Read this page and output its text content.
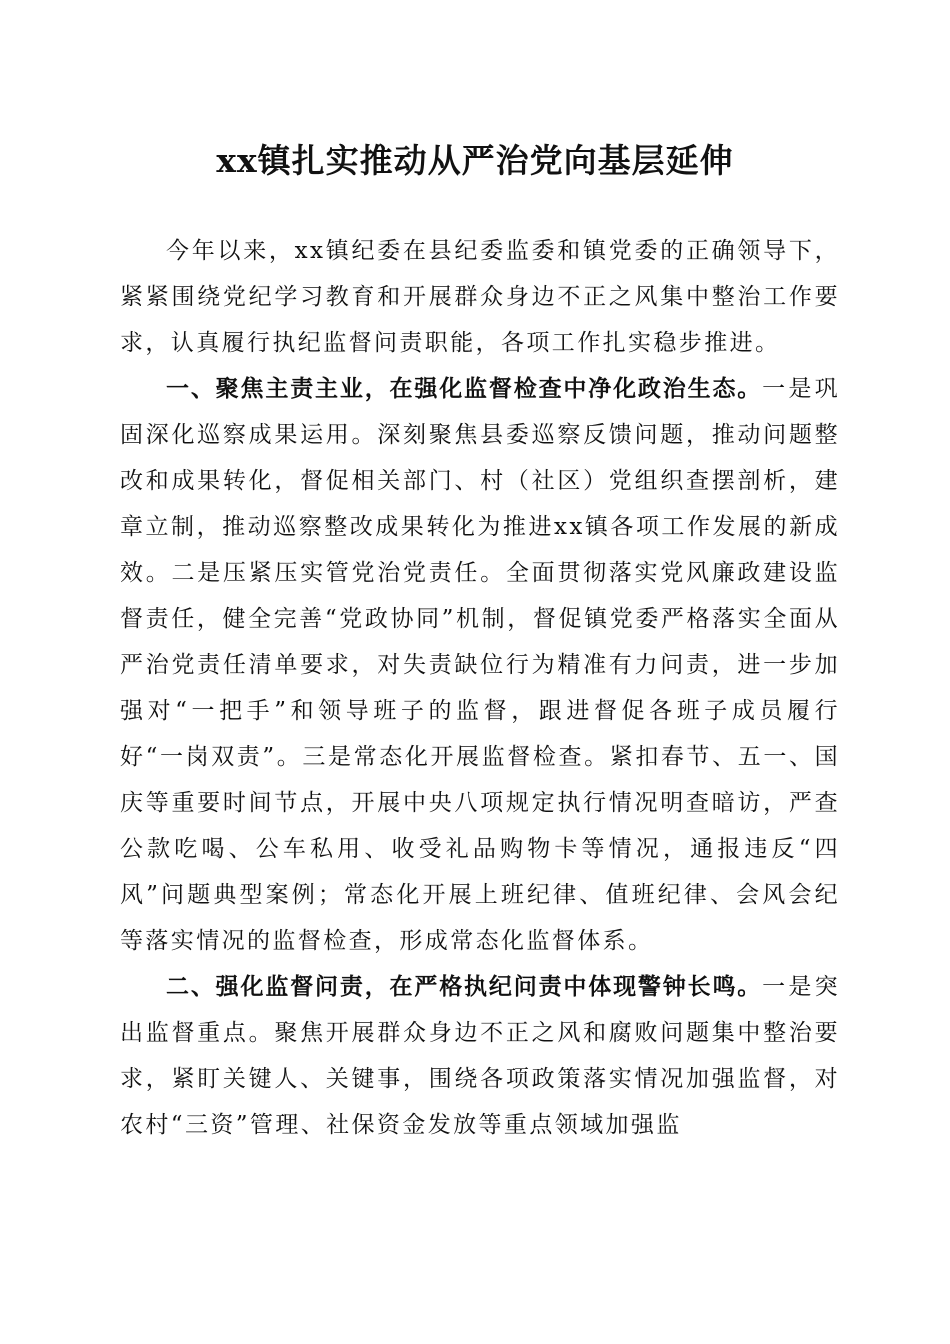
xx镇扎实推动从严治党向基层延伸

今年以来，xx镇纪委在县纪委监委和镇党委的正确领导下，紧紧围绕党纪学习教育和开展群众身边不正之风集中整治工作要求，认真履行执纪监督问责职能，各项工作扎实稳步推进。

一、聚焦主责主业，在强化监督检查中净化政治生态。一是巩固深化巡察成果运用。深刻聚焦县委巡察反馈问题，推动问题整改和成果转化，督促相关部门、村（社区）党组织查摆剖析，建章立制，推动巡察整改成果转化为推进xx镇各项工作发展的新成效。二是压紧压实管党治党责任。全面贯彻落实党风廉政建设监督责任，健全完善“党政协同”机制，督促镇党委严格落实全面从严治党责任清单要求，对失责缺位行为精准有力问责，进一步加强对“一把手”和领导班子的监督，跟进督促各班子成员履行好“一岗双责”。三是常态化开展监督检查。紧扣春节、五一、国庆等重要时间节点，开展中央八项规定执行情况明查暗访，严查公款吃喝、公车私用、收受礼品购物卡等情况，通报违反“四风”问题典型案例；常态化开展上班纪律、值班纪律、会风会纪等落实情况的监督检查，形成常态化监督体系。

二、强化监督问责，在严格执纪问责中体现警钟长鸣。一是突出监督重点。聚焦开展群众身边不正之风和腐败问题集中整治要求，紧盯关键人、关键事，围绕各项政策落实情况加强监督，对农村“三资”管理、社保资金发放等重点领域加强监
